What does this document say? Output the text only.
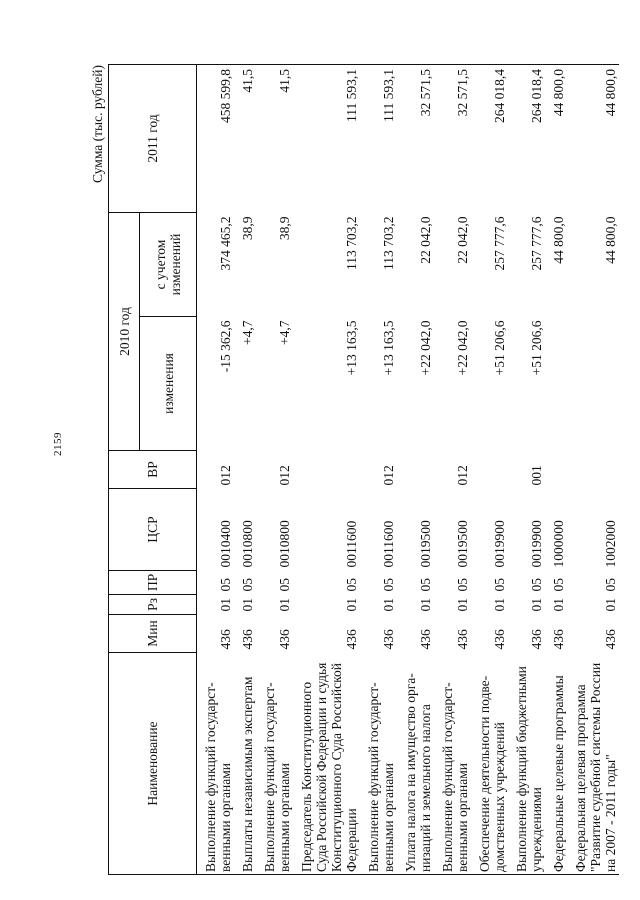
2159
Сумма (тыс. рублей)
Наименование	Мин	Рз	ПР	ЦСР	ВР	2010 год		2011 год
						изменения	с учетом изменений	
Выполнение функций государственными органами	436	01	05	0010400	012	-15 362,6	374 465,2	458 599,8
Выплаты независимым экспертам	436	01	05	0010800		+4,7	38,9	41,5
Выполнение функций государственными органами	436	01	05	0010800	012	+4,7	38,9	41,5
Председатель Конституционного Суда Российской Федерации и судья Конституционного Суда Российской Федерации	436	01	05	0011600		+13 163,5	113 703,2	111 593,1
Выполнение функций государственными органами	436	01	05	0011600	012	+13 163,5	113 703,2	111 593,1
Уплата налога на имущество организаций и земельного налога	436	01	05	0019500		+22 042,0	22 042,0	32 571,5
Выполнение функций государственными органами	436	01	05	0019500	012	+22 042,0	22 042,0	32 571,5
Обеспечение деятельности подведомственных учреждений	436	01	05	0019900		+51 206,6	257 777,6	264 018,4
Выполнение функций бюджетными учреждениями	436	01	05	0019900	001	+51 206,6	257 777,6	264 018,4
Федеральные целевые программы	436	01	05	1000000			44 800,0	44 800,0
Федеральная целевая программа "Развитие судебной системы России на 2007 - 2011 годы"	436	01	05	1002000			44 800,0	44 800,0
